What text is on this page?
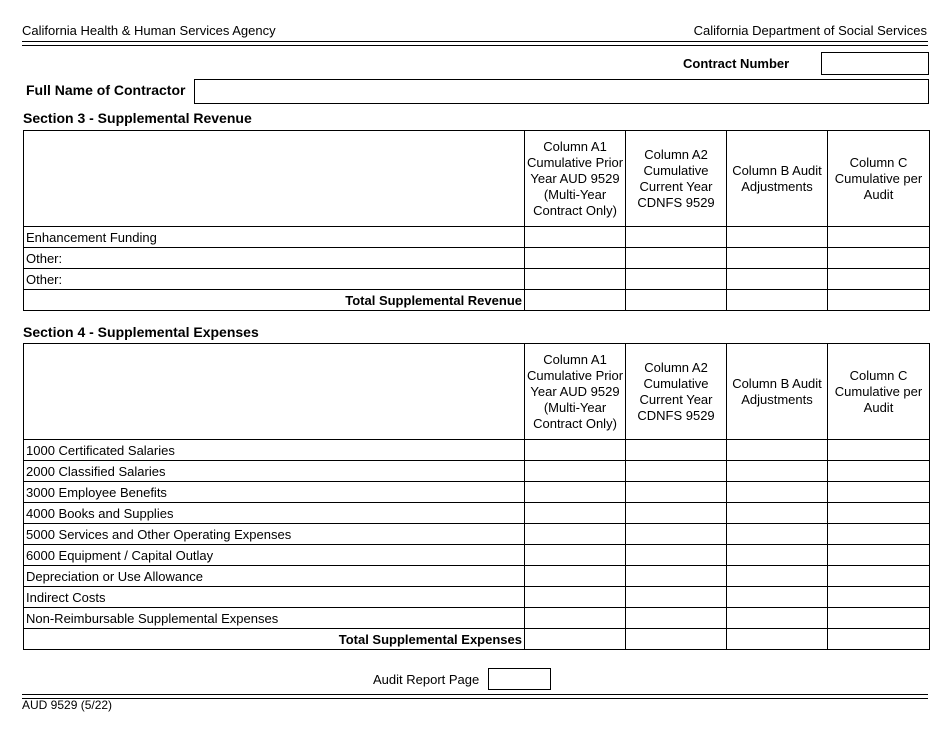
California Health & Human Services Agency	California Department of Social Services
Contract Number
Full Name of Contractor
Section 3 - Supplemental Revenue
	Column A1 Cumulative Prior Year AUD 9529 (Multi-Year Contract Only)	Column A2 Cumulative Current Year CDNFS 9529	Column B Audit Adjustments	Column C Cumulative per Audit
Enhancement Funding				
Other:				
Other:				
Total Supplemental Revenue				
Section 4 - Supplemental Expenses
	Column A1 Cumulative Prior Year AUD 9529 (Multi-Year Contract Only)	Column A2 Cumulative Current Year CDNFS 9529	Column B Audit Adjustments	Column C Cumulative per Audit
1000 Certificated Salaries				
2000 Classified Salaries				
3000 Employee Benefits				
4000 Books and Supplies				
5000 Services and Other Operating Expenses				
6000 Equipment / Capital Outlay				
Depreciation or Use Allowance				
Indirect Costs				
Non-Reimbursable Supplemental Expenses				
Total Supplemental Expenses				
Audit Report Page
AUD 9529 (5/22)
